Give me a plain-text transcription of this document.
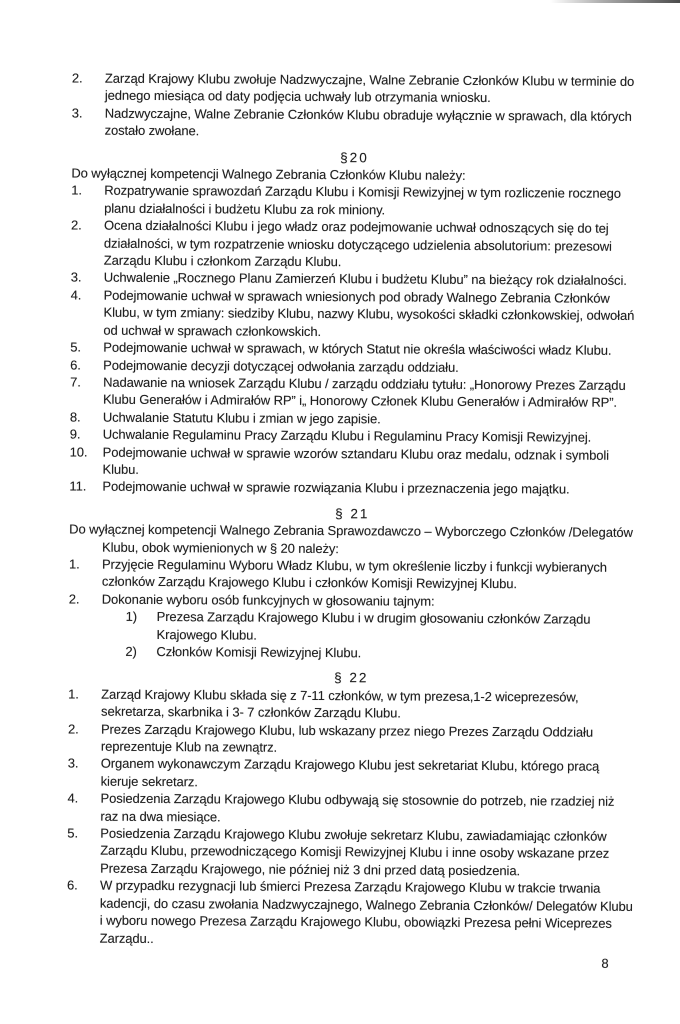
2.	Zarząd Krajowy Klubu zwołuje Nadzwyczajne, Walne Zebranie Członków Klubu w terminie do jednego miesiąca od daty podjęcia uchwały lub otrzymania wniosku.
3.	Nadzwyczajne, Walne Zebranie Członków Klubu obraduje wyłącznie w sprawach, dla których zostało zwołane.
§20

Do wyłącznej kompetencji Walnego Zebrania Członków Klubu należy:

1.	Rozpatrywanie sprawozdań Zarządu Klubu i Komisji Rewizyjnej w tym rozliczenie rocznego planu działalności i budżetu Klubu za rok miniony.
2.	Ocena działalności Klubu i jego władz oraz podejmowanie uchwał odnoszących się do tej działalności, w tym rozpatrzenie wniosku dotyczącego udzielenia absolutorium: prezesowi Zarządu Klubu i członkom Zarządu Klubu.
3.	Uchwalenie „Rocznego Planu Zamierzeń Klubu i budżetu Klubu” na bieżący rok działalności.
4.	Podejmowanie uchwał w sprawach wniesionych pod obrady Walnego Zebrania Członków Klubu, w tym zmiany: siedziby Klubu, nazwy Klubu, wysokości składki członkowskiej, odwołań od uchwał w sprawach członkowskich.
5.	Podejmowanie uchwał w sprawach, w których Statut nie określa właściwości władz Klubu.
6.	Podejmowanie decyzji dotyczącej odwołania zarządu oddziału.
7.	Nadawanie na wniosek Zarządu Klubu / zarządu oddziału tytułu: „Honorowy Prezes Zarządu Klubu Generałów i Admirałów RP” i„ Honorowy Członek Klubu Generałów i Admirałów RP”.
8.	Uchwalanie Statutu Klubu i zmian w jego zapisie.
9.	Uchwalanie Regulaminu Pracy Zarządu Klubu i Regulaminu Pracy Komisji Rewizyjnej.
10.	Podejmowanie uchwał w sprawie wzorów sztandaru Klubu oraz medalu, odznak i symboli Klubu.
11.	Podejmowanie uchwał w sprawie rozwiązania Klubu i przeznaczenia jego majątku.
§ 21

Do wyłącznej kompetencji Walnego Zebrania Sprawozdawczo – Wyborczego Członków /Delegatów Klubu, obok wymienionych w § 20 należy:

1.	Przyjęcie Regulaminu Wyboru Władz Klubu, w tym określenie liczby i funkcji wybieranych członków Zarządu Krajowego Klubu i członków Komisji Rewizyjnej Klubu.
2.	Dokonanie wyboru osób funkcyjnych w głosowaniu tajnym:
1)	Prezesa Zarządu Krajowego Klubu i w drugim głosowaniu członków Zarządu Krajowego Klubu.
2)	Członków Komisji Rewizyjnej Klubu.
§ 22
1.	Zarząd Krajowy Klubu składa się z 7-11 członków, w tym prezesa,1-2 wiceprezesów, sekretarza, skarbnika i 3- 7 członków Zarządu Klubu.
2.	Prezes Zarządu Krajowego Klubu, lub wskazany przez niego Prezes Zarządu Oddziału reprezentuje Klub na zewnątrz.
3.	Organem wykonawczym Zarządu Krajowego Klubu jest sekretariat Klubu, którego pracą kieruje sekretarz.
4.	Posiedzenia Zarządu Krajowego Klubu odbywają się stosownie do potrzeb, nie rzadziej niż raz na dwa miesiące.
5.	Posiedzenia Zarządu Krajowego Klubu zwołuje sekretarz Klubu, zawiadamiając członków Zarządu Klubu, przewodniczącego Komisji Rewizyjnej Klubu i inne osoby wskazane przez Prezesa Zarządu Krajowego, nie później niż 3 dni przed datą posiedzenia.
6.	W przypadku rezygnacji lub śmierci Prezesa Zarządu Krajowego Klubu w trakcie trwania kadencji, do czasu zwołania Nadzwyczajnego, Walnego Zebrania Członków/ Delegatów Klubu i wyboru nowego Prezesa Zarządu Krajowego Klubu, obowiązki Prezesa pełni Wiceprezes Zarządu..
8
